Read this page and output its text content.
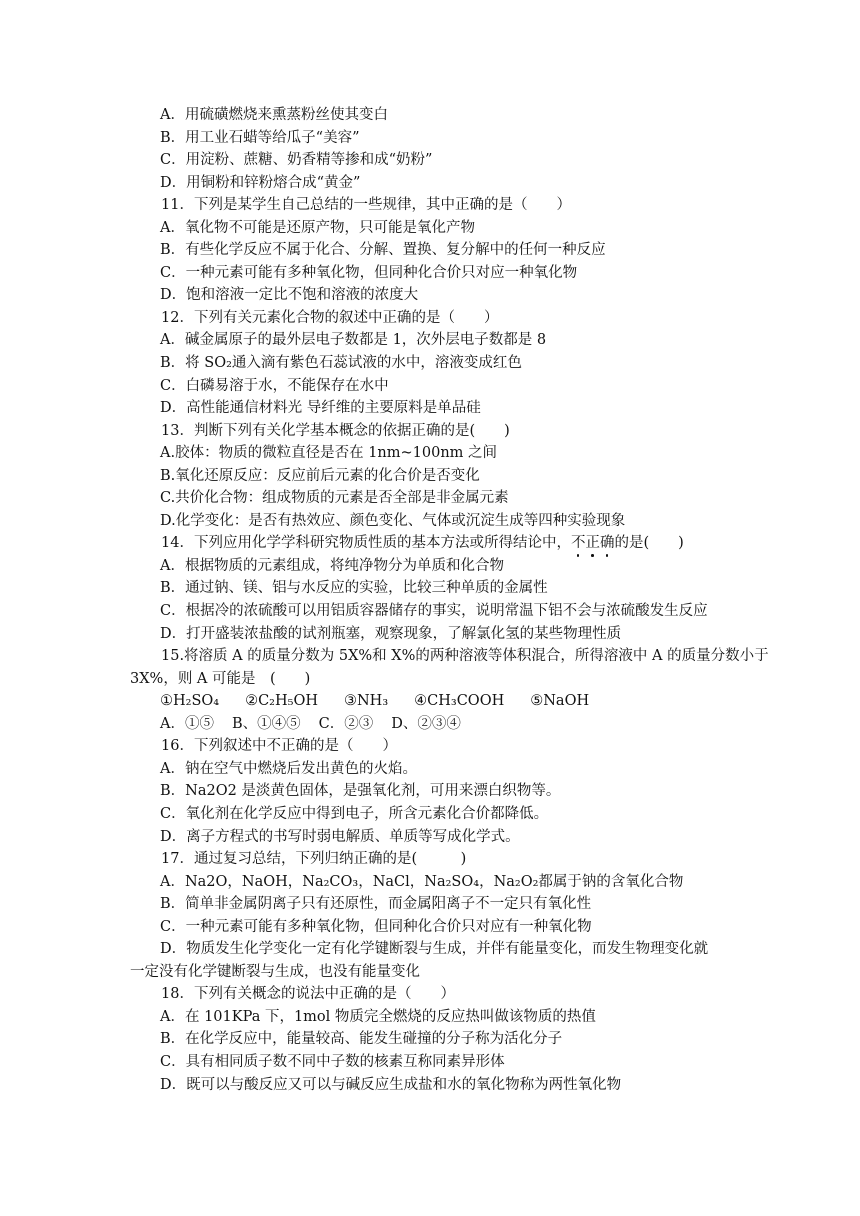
A．用硫磺燃烧来熏蒸粉丝使其变白
B．用工业石蜡等给瓜子“美容”
C．用淀粉、蔗糖、奶香精等掺和成“奶粉”
D．用铜粉和锌粉熔合成“黄金”
11．下列是某学生自己总结的一些规律，其中正确的是（　　）
A．氧化物不可能是还原产物，只可能是氧化产物
B．有些化学反应不属于化合、分解、置换、复分解中的任何一种反应
C．一种元素可能有多种氧化物，但同种化合价只对应一种氧化物
D．饱和溶液一定比不饱和溶液的浓度大
12．下列有关元素化合物的叙述中正确的是（　　）
A．碱金属原子的最外层电子数都是 1，次外层电子数都是 8
B．将 SO₂通入滴有紫色石蕊试液的水中，溶液变成红色
C．白磷易溶于水，不能保存在水中
D．高性能通信材料光 导纤维的主要原料是单品硅
13．判断下列有关化学基本概念的依据正确的是(　　)
A.胶体：物质的微粒直径是否在 1nm~100nm 之间
B.氧化还原反应：反应前后元素的化合价是否变化
C.共价化合物：组成物质的元素是否全部是非金属元素
D.化学变化：是否有热效应、颜色变化、气体或沉淀生成等四种实验现象
14．下列应用化学学科研究物质性质的基本方法或所得结论中，不正确的是(　　)
A．根据物质的元素组成，将纯净物分为单质和化合物
B．通过钠、镁、铝与水反应的实验，比较三种单质的金属性
C．根据冷的浓硫酸可以用铝质容器储存的事实，说明常温下铝不会与浓硫酸发生反应
D．打开盛装浓盐酸的试剂瓶塞，观察现象，了解氯化氢的某些物理性质
15.将溶质 A 的质量分数为 5X%和 X%的两种溶液等体积混合，所得溶液中 A 的质量分数小于
3X%，则 A 可能是　(　　)
①H₂SO₄ ②C₂H₅OH ③NH₃ ④CH₃COOH ⑤NaOH
A．①⑤ B、①④⑤ C．②③ D、②③④
16．下列叙述中不正确的是（　　）
A．钠在空气中燃烧后发出黄色的火焰。
B．Na2O2 是淡黄色固体，是强氧化剂，可用来漂白织物等。
C．氧化剂在化学反应中得到电子，所含元素化合价都降低。
D．离子方程式的书写时弱电解质、单质等写成化学式。
17．通过复习总结，下列归纳正确的是(　　　)
A．Na2O，NaOH，Na₂CO₃，NaCl，Na₂SO₄，Na₂O₂都属于钠的含氧化合物
B．简单非金属阴离子只有还原性，而金属阳离子不一定只有氧化性
C．一种元素可能有多种氧化物，但同种化合价只对应有一种氧化物
D．物质发生化学变化一定有化学键断裂与生成，并伴有能量变化，而发生物理变化就
一定没有化学键断裂与生成，也没有能量变化
18．下列有关概念的说法中正确的是（　　）
A．在 101KPa 下，1mol 物质完全燃烧的反应热叫做该物质的热值
B．在化学反应中，能量较高、能发生碰撞的分子称为活化分子
C．具有相同质子数不同中子数的核素互称同素异形体
D．既可以与酸反应又可以与碱反应生成盐和水的氧化物称为两性氧化物
